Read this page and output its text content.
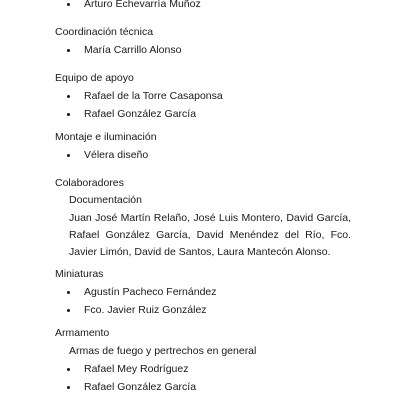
Arturo Echevarría Muñoz
Coordinación técnica
María Carrillo Alonso
Equipo de apoyo
Rafael de la Torre Casaponsa
Rafael González García
Montaje e iluminación
Vélera diseño
Colaboradores
Documentación

Juan José Martín Relaño, José Luis Montero, David García, Rafael González García, David Menéndez del Río, Fco. Javier Limón, David de Santos, Laura Mantecón Alonso.

Miniaturas
Agustín Pacheco Fernández
Fco. Javier Ruiz González
Armamento
Armas de fuego y pertrechos en general
Rafael Mey Rodríguez
Rafael González García
